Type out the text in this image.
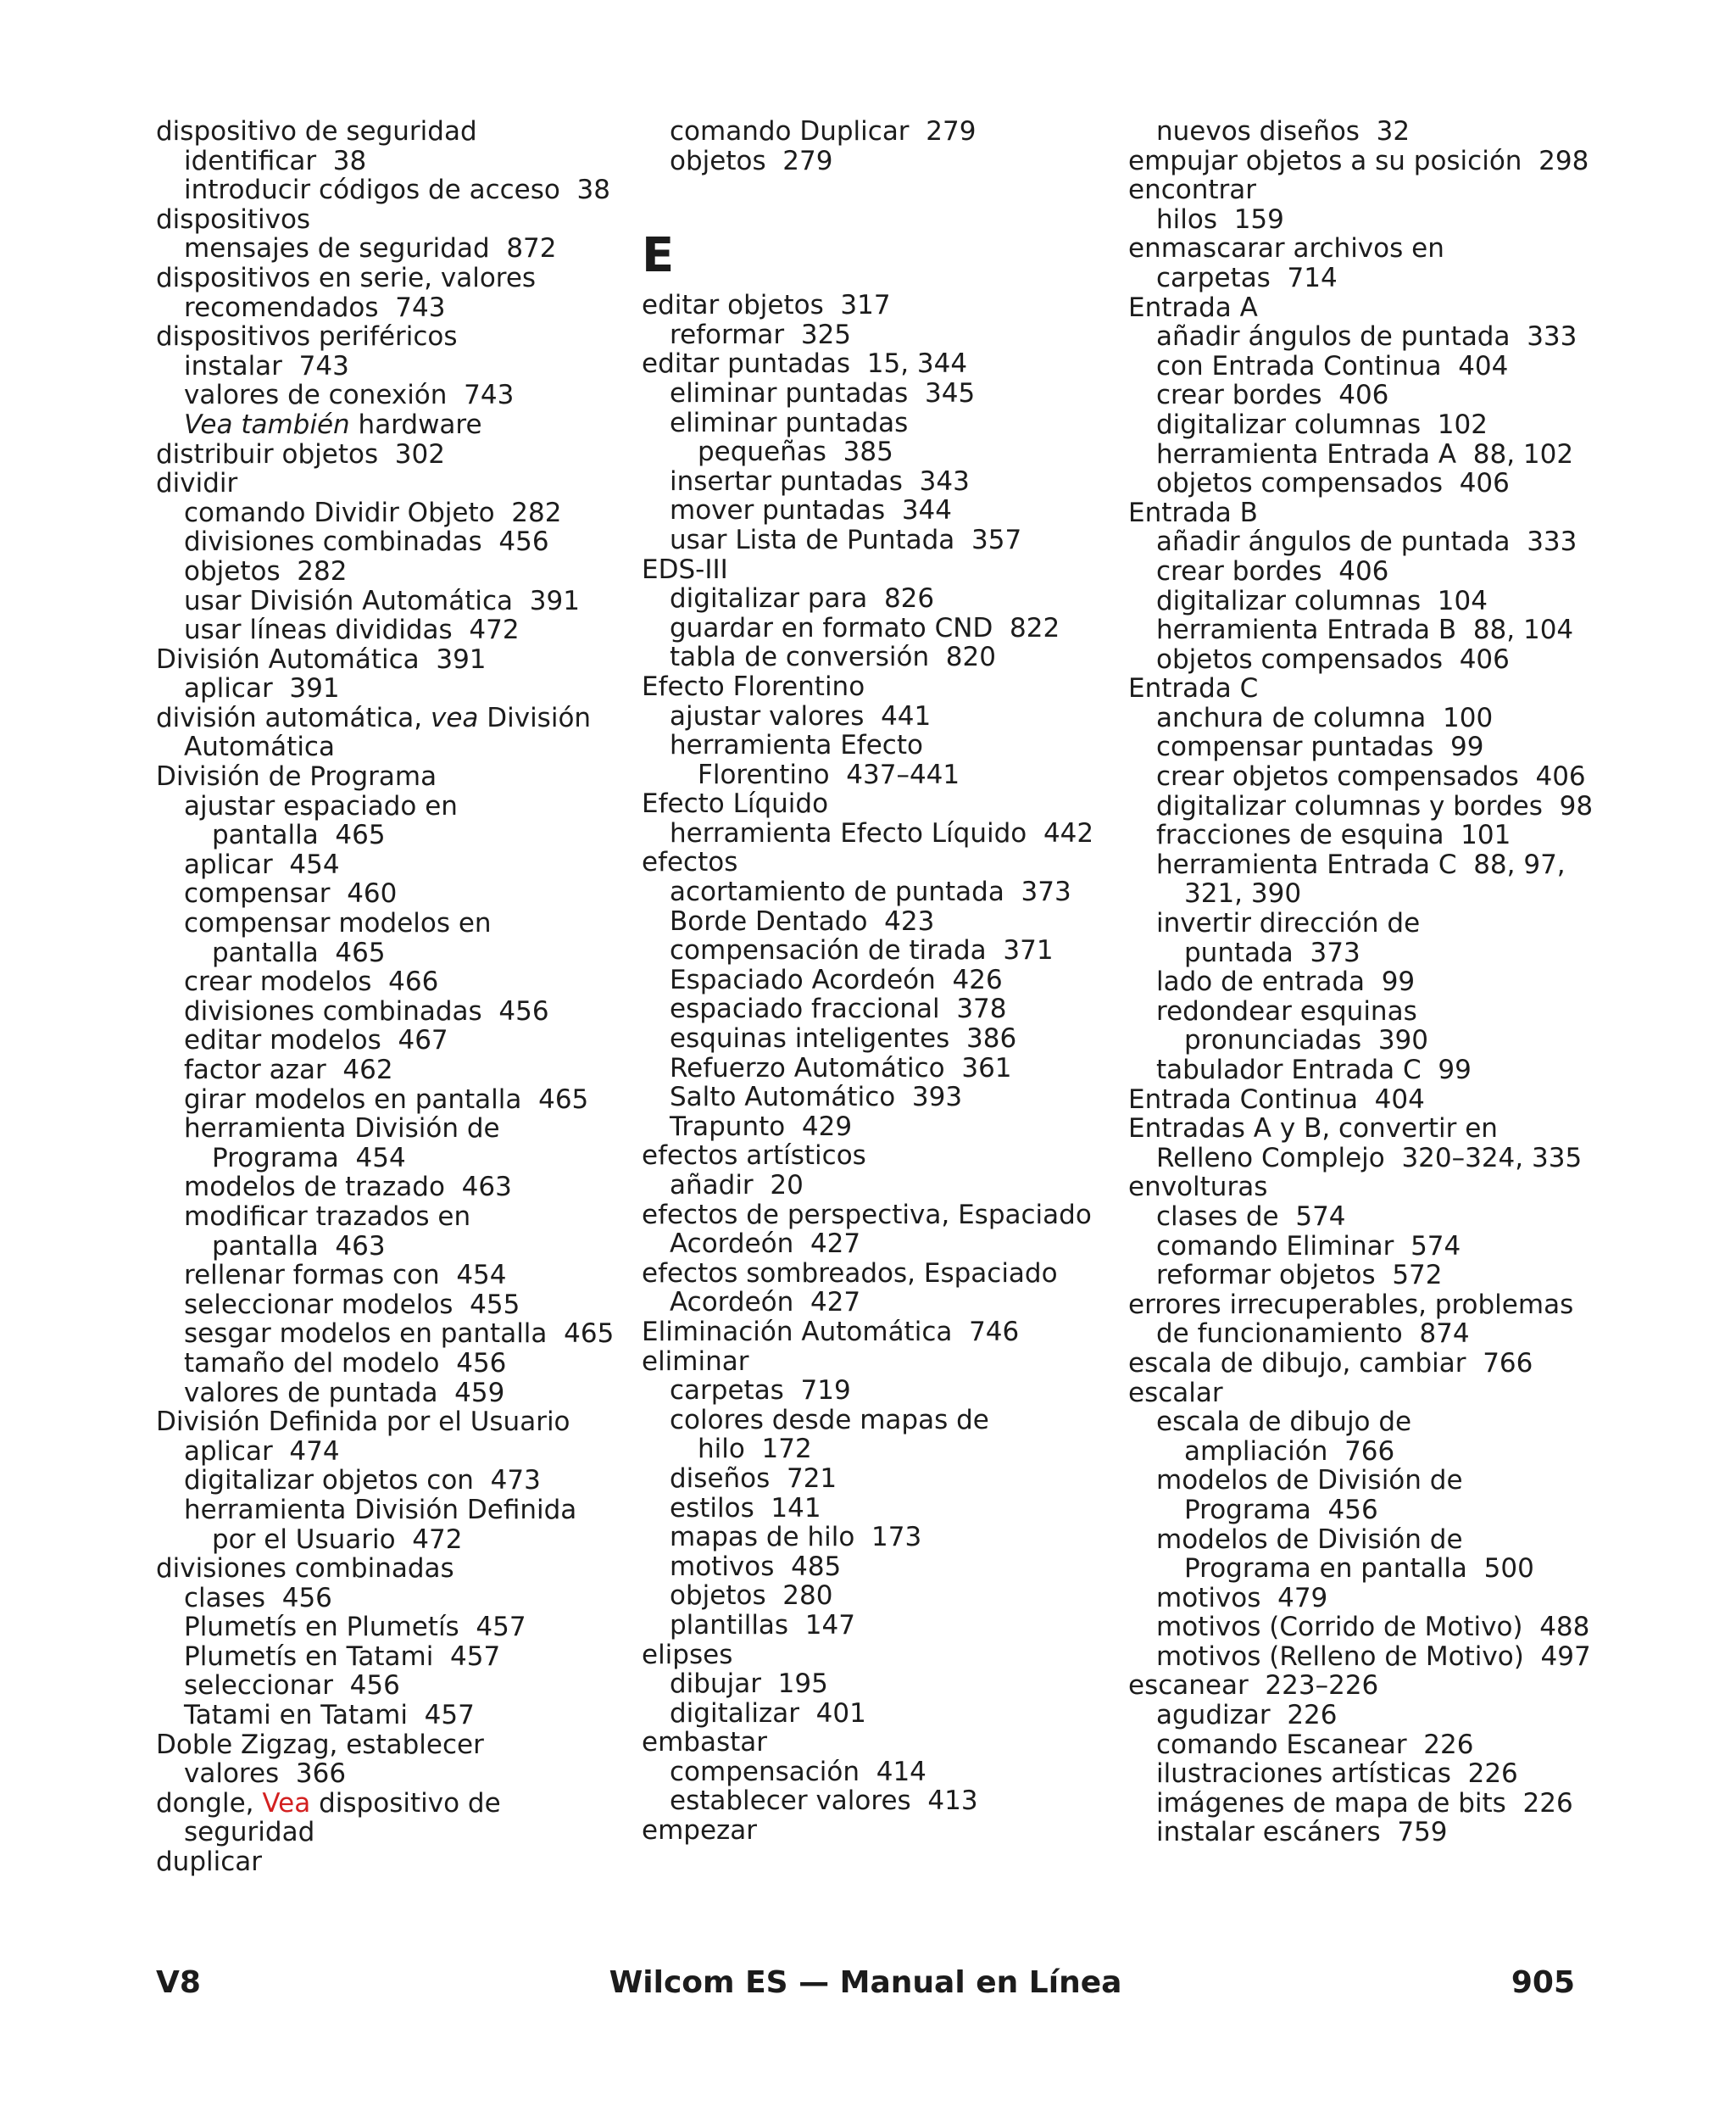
dispositivo de seguridad
identificar  38
introducir códigos de acceso  38
dispositivos
mensajes de seguridad  872
dispositivos en serie, valores
recomendados  743
dispositivos periféricos
instalar  743
valores de conexión  743
Vea también hardware
distribuir objetos  302
dividir
comando Dividir Objeto  282
divisiones combinadas  456
objetos  282
usar División Automática  391
usar líneas divididas  472
División Automática  391
aplicar  391
división automática, vea División
Automática
División de Programa
ajustar espaciado en
pantalla  465
aplicar  454
compensar  460
compensar modelos en
pantalla  465
crear modelos  466
divisiones combinadas  456
editar modelos  467
factor azar  462
girar modelos en pantalla  465
herramienta División de
Programa  454
modelos de trazado  463
modificar trazados en
pantalla  463
rellenar formas con  454
seleccionar modelos  455
sesgar modelos en pantalla  465
tamaño del modelo  456
valores de puntada  459
División Definida por el Usuario
aplicar  474
digitalizar objetos con  473
herramienta División Definida
por el Usuario  472
divisiones combinadas
clases  456
Plumetís en Plumetís  457
Plumetís en Tatami  457
seleccionar  456
Tatami en Tatami  457
Doble Zigzag, establecer
valores  366
dongle, Vea dispositivo de
seguridad
duplicar
comando Duplicar  279
objetos  279
E
editar objetos  317
reformar  325
editar puntadas  15, 344
eliminar puntadas  345
eliminar puntadas
pequeñas  385
insertar puntadas  343
mover puntadas  344
usar Lista de Puntada  357
EDS-III
digitalizar para  826
guardar en formato CND  822
tabla de conversión  820
Efecto Florentino
ajustar valores  441
herramienta Efecto
Florentino  437–441
Efecto Líquido
herramienta Efecto Líquido  442
efectos
acortamiento de puntada  373
Borde Dentado  423
compensación de tirada  371
Espaciado Acordeón  426
espaciado fraccional  378
esquinas inteligentes  386
Refuerzo Automático  361
Salto Automático  393
Trapunto  429
efectos artísticos
añadir  20
efectos de perspectiva, Espaciado
Acordeón  427
efectos sombreados, Espaciado
Acordeón  427
Eliminación Automática  746
eliminar
carpetas  719
colores desde mapas de
hilo  172
diseños  721
estilos  141
mapas de hilo  173
motivos  485
objetos  280
plantillas  147
elipses
dibujar  195
digitalizar  401
embastar
compensación  414
establecer valores  413
empezar
nuevos diseños  32
empujar objetos a su posición  298
encontrar
hilos  159
enmascarar archivos en
carpetas  714
Entrada A
añadir ángulos de puntada  333
con Entrada Continua  404
crear bordes  406
digitalizar columnas  102
herramienta Entrada A  88, 102
objetos compensados  406
Entrada B
añadir ángulos de puntada  333
crear bordes  406
digitalizar columnas  104
herramienta Entrada B  88, 104
objetos compensados  406
Entrada C
anchura de columna  100
compensar puntadas  99
crear objetos compensados  406
digitalizar columnas y bordes  98
fracciones de esquina  101
herramienta Entrada C  88, 97,
321, 390
invertir dirección de
puntada  373
lado de entrada  99
redondear esquinas
pronunciadas  390
tabulador Entrada C  99
Entrada Continua  404
Entradas A y B, convertir en
Relleno Complejo  320–324, 335
envolturas
clases de  574
comando Eliminar  574
reformar objetos  572
errores irrecuperables, problemas
de funcionamiento  874
escala de dibujo, cambiar  766
escalar
escala de dibujo de
ampliación  766
modelos de División de
Programa  456
modelos de División de
Programa en pantalla  500
motivos  479
motivos (Corrido de Motivo)  488
motivos (Relleno de Motivo)  497
escanear  223–226
agudizar  226
comando Escanear  226
ilustraciones artísticas  226
imágenes de mapa de bits  226
instalar escáners  759
V8	Wilcom ES — Manual en Línea	905
